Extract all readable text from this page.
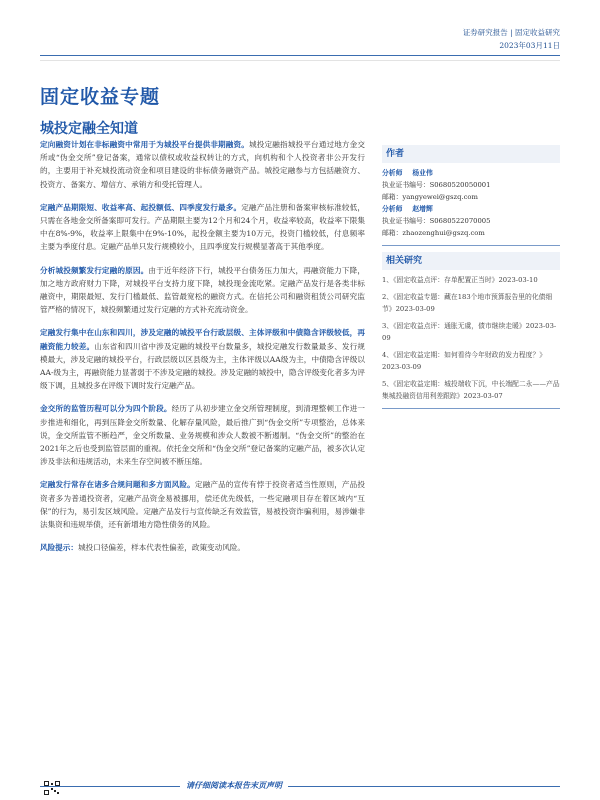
证券研究报告 | 固定收益研究
2023年03月11日
固定收益专题
城投定融全知道

定向融资计划在非标融资中常用于为城投平台提供非期融资。城投定融指城投平台通过地方金交所或“伪金交所”登记备案，通常以债权或收益权转让的方式，向机构和个人投资者非公开发行的，主要用于补充城投流动资金和项目建设的非标债务融资产品。城投定融参与方包括融资方、投资方、备案方、增信方、承销方和受托管理人。

定融产品期限短、收益率高、起投额低、四季度发行最多。定融产品注册和备案审核标准较低，只需在各地金交所备案即可发行。产品期限主要为12个月和24个月，收益率较高，收益率下限集中在8%-9%，收益率上限集中在9%-10%，起投金额主要为10万元，投资门槛较低，付息频率主要为季度付息。定融产品单只发行规模较小，且四季度发行规模显著高于其他季度。

分析城投频繁发行定融的原因。由于近年经济下行，城投平台债务压力加大，再融资能力下降，加之地方政府财力下降，对城投平台支持力度下降，城投现金流吃紧。定融产品发行是各类非标融资中，期限最短、发行门槛最低、监管最宽松的融资方式。在信托公司和融资租赁公司研究监管严格的情况下，城投频繁通过发行定融的方式补充流动资金。

定融发行集中在山东和四川，涉及定融的城投平台行政层级、主体评级和中债隐含评级较低，再融资能力较差。山东省和四川省中涉及定融的城投平台数量多，城投定融发行数量最多、发行规模最大，涉及定融的城投平台，行政层级以区县级为主，主体评级以AA级为主，中债隐含评级以AA-级为主，再融资能力显著弱于不涉及定融的城投。涉及定融的城投中，隐含评级变化者多为评级下调，且城投多在评级下调时发行定融产品。

金交所的监管历程可以分为四个阶段。经历了从初步建立金交所管理制度，到清理整顿工作进一步推进和细化，再到压降金交所数量、化解存量风险，最后推广到“伪金交所”专项整治，总体来说，金交所监管不断趋严，金交所数量、业务规模和涉众人数被不断遏制。“伪金交所”的整治在2021年之后也受到监管层面的重视。依托金交所和“伪金交所”登记备案的定融产品，被多次认定涉及非法和违规活动，未来生存空间被不断压缩。

定融发行常存在诸多合规问题和多方面风险。定融产品的宣传有悖于投资者适当性原则，产品投资者多为普通投资者，定融产品资金易被挪用，偿还优先级低，一些定融项目存在着区域内“互保”的行为，易引发区域风险。定融产品发行与宣传缺乏有效监管，易被投资诈骗利用，易涉嫌非法集资和违规举债，还有新增地方隐性债务的风险。

风险提示：城投口径偏差，样本代表性偏差，政策变动风险。

作者
分析师 杨业伟
执业证书编号：S0680520050001
邮箱：yangyewei@gszq.com
分析师 赵增辉
执业证书编号：S0680522070005
邮箱：zhaozenghui@gszq.com
相关研究
1、《固定收益点评：存单配置正当时》2023-03-10
2、《固定收益专题：藏在183个地市预算报告里的化债细节》2023-03-09
3、《固定收益点评：通胀无虞，债市继续走暖》2023-03-09
4、《固定收益定期：如何看待今年财政的发力程度？》2023-03-09
5、《固定收益定期：城投端收下沉，中长端配二永——产品集城投融资信用利差跟踪》2023-03-07
请仔细阅读本报告末页声明
